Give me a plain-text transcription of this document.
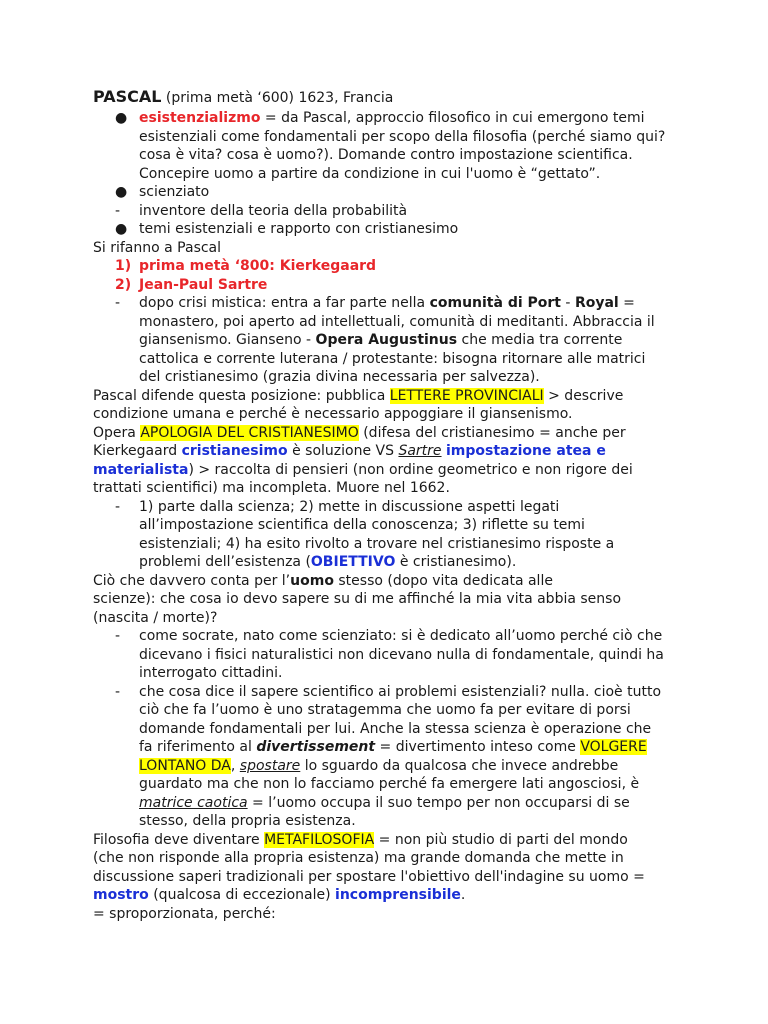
PASCAL (prima metà ‘600) 1623, Francia
● esistenzializmo = da Pascal, approccio filosofico in cui emergono temi
esistenziali come fondamentali per scopo della filosofia (perché siamo qui?
cosa è vita? cosa è uomo?). Domande contro impostazione scientifica.
Concepire uomo a partire da condizione in cui l'uomo è “gettato”.
● scienziato
-	inventore della teoria della probabilità
● temi esistenziali e rapporto con cristianesimo
Si rifanno a Pascal
1) prima metà ‘800: Kierkegaard
2) Jean-Paul Sartre
-	dopo crisi mistica: entra a far parte nella comunità di Port - Royal =
monastero, poi aperto ad intellettuali, comunità di meditanti. Abbraccia il
giansenismo. Gianseno - Opera Augustinus che media tra corrente
cattolica e corrente luterana / protestante: bisogna ritornare alle matrici
del cristianesimo (grazia divina necessaria per salvezza).
Pascal difende questa posizione: pubblica LETTERE PROVINCIALI > descrive
condizione umana e perché è necessario appoggiare il giansenismo.
Opera APOLOGIA DEL CRISTIANESIMO (difesa del cristianesimo = anche per
Kierkegaard cristianesimo è soluzione VS Sartre impostazione atea e
materialista) > raccolta di pensieri (non ordine geometrico e non rigore dei
trattati scientifici) ma incompleta. Muore nel 1662.
-	1) parte dalla scienza; 2) mette in discussione aspetti legati
all’impostazione scientifica della conoscenza; 3) riflette su temi
esistenziali; 4) ha esito rivolto a trovare nel cristianesimo risposte a
problemi dell’esistenza (OBIETTIVO è cristianesimo).
Ciò che davvero conta per l’uomo stesso (dopo vita dedicata alle
scienze): che cosa io devo sapere su di me affinché la mia vita abbia senso
(nascita / morte)?
-	come socrate, nato come scienziato: si è dedicato all’uomo perché ciò che
dicevano i fisici naturalistici non dicevano nulla di fondamentale, quindi ha
interrogato cittadini.
-	che cosa dice il sapere scientifico ai problemi esistenziali? nulla. cioè tutto
ciò che fa l’uomo è uno stratagemma che uomo fa per evitare di porsi
domande fondamentali per lui. Anche la stessa scienza è operazione che
fa riferimento al divertissement = divertimento inteso come VOLGERE
LONTANO DA, spostare lo sguardo da qualcosa che invece andrebbe
guardato ma che non lo facciamo perché fa emergere lati angosciosi, è
matrice caotica = l’uomo occupa il suo tempo per non occuparsi di se
stesso, della propria esistenza.
Filosofia deve diventare METAFILOSOFIA = non più studio di parti del mondo
(che non risponde alla propria esistenza) ma grande domanda che mette in
discussione saperi tradizionali per spostare l'obiettivo dell'indagine su uomo =
mostro (qualcosa di eccezionale) incomprensibile.
= sproporzionata, perché:
